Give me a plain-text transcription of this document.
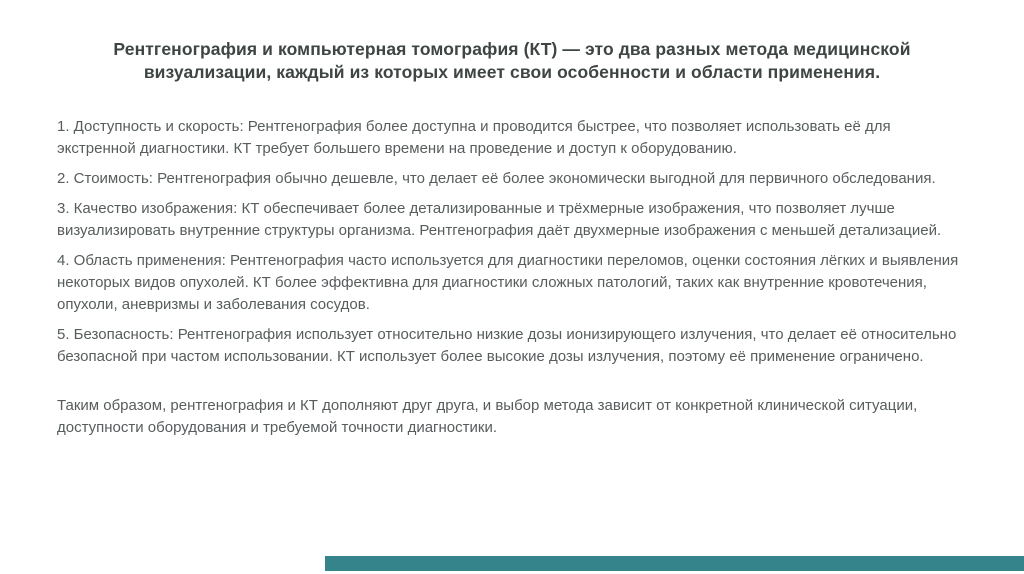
Рентгенография и компьютерная томография (КТ) — это два разных метода медицинской визуализации, каждый из которых имеет свои особенности и области применения.

1. Доступность и скорость: Рентгенография более доступна и проводится быстрее, что позволяет использовать её для экстренной диагностики. КТ требует большего времени на проведение и доступ к оборудованию.

2. Стоимость: Рентгенография обычно дешевле, что делает её более экономически выгодной для первичного обследования.

3. Качество изображения: КТ обеспечивает более детализированные и трёхмерные изображения, что позволяет лучше визуализировать внутренние структуры организма. Рентгенография даёт двухмерные изображения с меньшей детализацией.

4. Область применения: Рентгенография часто используется для диагностики переломов, оценки состояния лёгких и выявления некоторых видов опухолей. КТ более эффективна для диагностики сложных патологий, таких как внутренние кровотечения, опухоли, аневризмы и заболевания сосудов.

5. Безопасность: Рентгенография использует относительно низкие дозы ионизирующего излучения, что делает её относительно безопасной при частом использовании. КТ использует более высокие дозы излучения, поэтому её применение ограничено.

Таким образом, рентгенография и КТ дополняют друг друга, и выбор метода зависит от конкретной клинической ситуации, доступности оборудования и требуемой точности диагностики.
